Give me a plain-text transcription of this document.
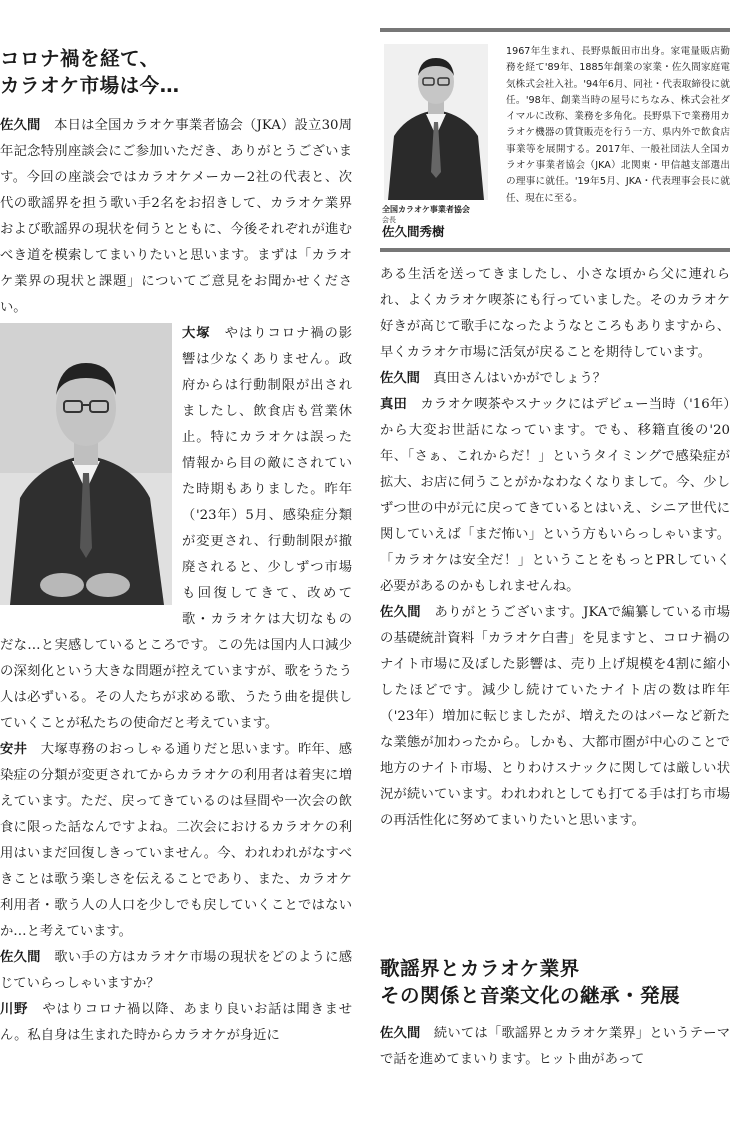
コロナ禍を経て、
カラオケ市場は今…

佐久間　 本日は全国カラオケ事業者協会（JKA）設立30周年記念特別座談会にご参加いただき、ありがとうございます。今回の座談会ではカラオケメーカー2社の代表と、次代の歌謡界を担う歌い手2名をお招きして、カラオケ業界および歌謡界の現状を伺うとともに、今後それぞれが進むべき道を模索してまいりたいと思います。まずは「カラオケ業界の現状と課題」についてご意見をお聞かせください。

大塚　 やはりコロナ禍の影響は少なくありません。政府からは行動制限が出されましたし、飲食店も営業休止。特にカラオケは誤った情報から目の敵にされていた時期もありました。昨年（'23年）5月、感染症分類が変更され、行動制限が撤廃されると、少しずつ市場も回復してきて、改めて歌・カラオケは大切なものだな…と実感しているところです。この先は国内人口減少の深刻化という大きな問題が控えていますが、歌をうたう人は必ずいる。その人たちが求める歌、うたう曲を提供していくことが私たちの使命だと考えています。

安井　 大塚専務のおっしゃる通りだと思います。昨年、感染症の分類が変更されてからカラオケの利用者は着実に増えています。ただ、戻ってきているのは昼間や一次会の飲食に限った話なんですよね。二次会におけるカラオケの利用はいまだ回復しきっていません。今、われわれがなすべきことは歌う楽しさを伝えることであり、また、カラオケ利用者・歌う人の人口を少しでも戻していくことではないか…と考えています。

佐久間　 歌い手の方はカラオケ市場の現状をどのように感じていらっしゃいますか？

川野　 やはりコロナ禍以降、あまり良いお話は聞きません。私自身は生まれた時からカラオケが身近に

全国カラオケ事業者協会
会長
佐久間秀樹

1967年生まれ、長野県飯田市出身。家電量販店勤務を経て'89年、1885年創業の家業・佐久間家庭電気株式会社入社。'94年6月、同社・代表取締役に就任。'98年、創業当時の屋号にちなみ、株式会社ダイマルに改称、業務を多角化。長野県下で業務用カラオケ機器の賃貸販売を行う一方、県内外で飲食店事業等を展開する。2017年、一般社団法人全国カラオケ事業者協会（JKA）北関東・甲信越支部選出の理事に就任。'19年5月、JKA・代表理事会長に就任、現在に至る。

ある生活を送ってきましたし、小さな頃から父に連れられ、よくカラオケ喫茶にも行っていました。そのカラオケ好きが高じて歌手になったようなところもありますから、早くカラオケ市場に活気が戻ることを期待しています。

佐久間　 真田さんはいかがでしょう？

真田　 カラオケ喫茶やスナックにはデビュー当時（'16年）から大変お世話になっています。でも、移籍直後の'20年、「さぁ、これからだ！」というタイミングで感染症が拡大、お店に伺うことがかなわなくなりまして。今、少しずつ世の中が元に戻ってきているとはいえ、シニア世代に関していえば「まだ怖い」という方もいらっしゃいます。「カラオケは安全だ！」ということをもっとPRしていく必要があるのかもしれませんね。

佐久間　 ありがとうございます。JKAで編纂している市場の基礎統計資料「カラオケ白書」を見ますと、コロナ禍のナイト市場に及ぼした影響は、売り上げ規模を4割に縮小したほどです。減少し続けていたナイト店の数は昨年（'23年）増加に転じましたが、増えたのはバーなど新たな業態が加わったから。しかも、大都市圏が中心のことで地方のナイト市場、とりわけスナックに関しては厳しい状況が続いています。われわれとしても打てる手は打ち市場の再活性化に努めてまいりたいと思います。

歌謡界とカラオケ業界
その関係と音楽文化の継承・発展

佐久間　 続いては「歌謡界とカラオケ業界」というテーマで話を進めてまいります。ヒット曲があって
